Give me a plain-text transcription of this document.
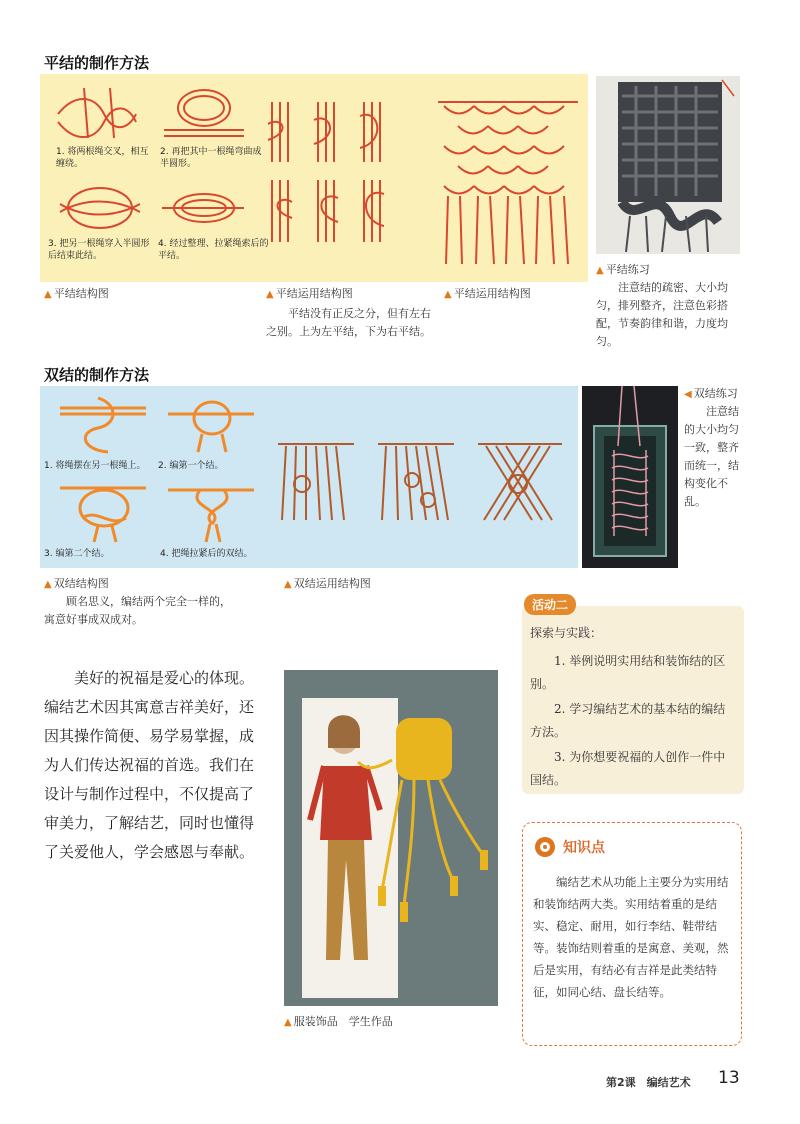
平结的制作方法
1. 将两根绳交叉，相互缠绕。
2. 再把其中一根绳弯曲成半圆形。
3. 把另一根绳穿入半圆形后结束此结。
4. 经过整理、拉紧绳索后的平结。
▲ 平结结构图	▲ 平结运用结构图
平结没有正反之分，但有左右之别。上为左平结，下为右平结。
▲ 平结运用结构图
▲ 平结练习
注意结的疏密、大小均匀，排列整齐，注意色彩搭配，节奏韵律和谐，力度均匀。
双结的制作方法
1. 将绳摆在另一根绳上。 2. 编第一个结。
3. 编第二个结。	4. 把绳拉紧后的双结。
◀ 双结练习
注意结的大小均匀一致，整齐而统一，结构变化不乱。
▲ 双结结构图
顾名思义，编结两个完全一样的，寓意好事成双成对。
▲ 双结运用结构图
活动二
探索与实践：
1. 举例说明实用结和装饰结的区别。
2. 学习编结艺术的基本结的编结方法。
3. 为你想要祝福的人创作一件中国结。
美好的祝福是爱心的体现。编结艺术因其寓意吉祥美好，还因其操作简便、易学易掌握，成为人们传达祝福的首选。我们在设计与制作过程中，不仅提高了审美力，了解结艺，同时也懂得了关爱他人，学会感恩与奉献。
▲ 服装饰品　学生作品
知识点
编结艺术从功能上主要分为实用结和装饰结两大类。实用结着重的是结实、稳定、耐用，如行李结、鞋带结等。装饰结则着重的是寓意、美观，然后是实用，有结必有吉祥是此类结特征，如同心结、盘长结等。
第2课　编结艺术 13
